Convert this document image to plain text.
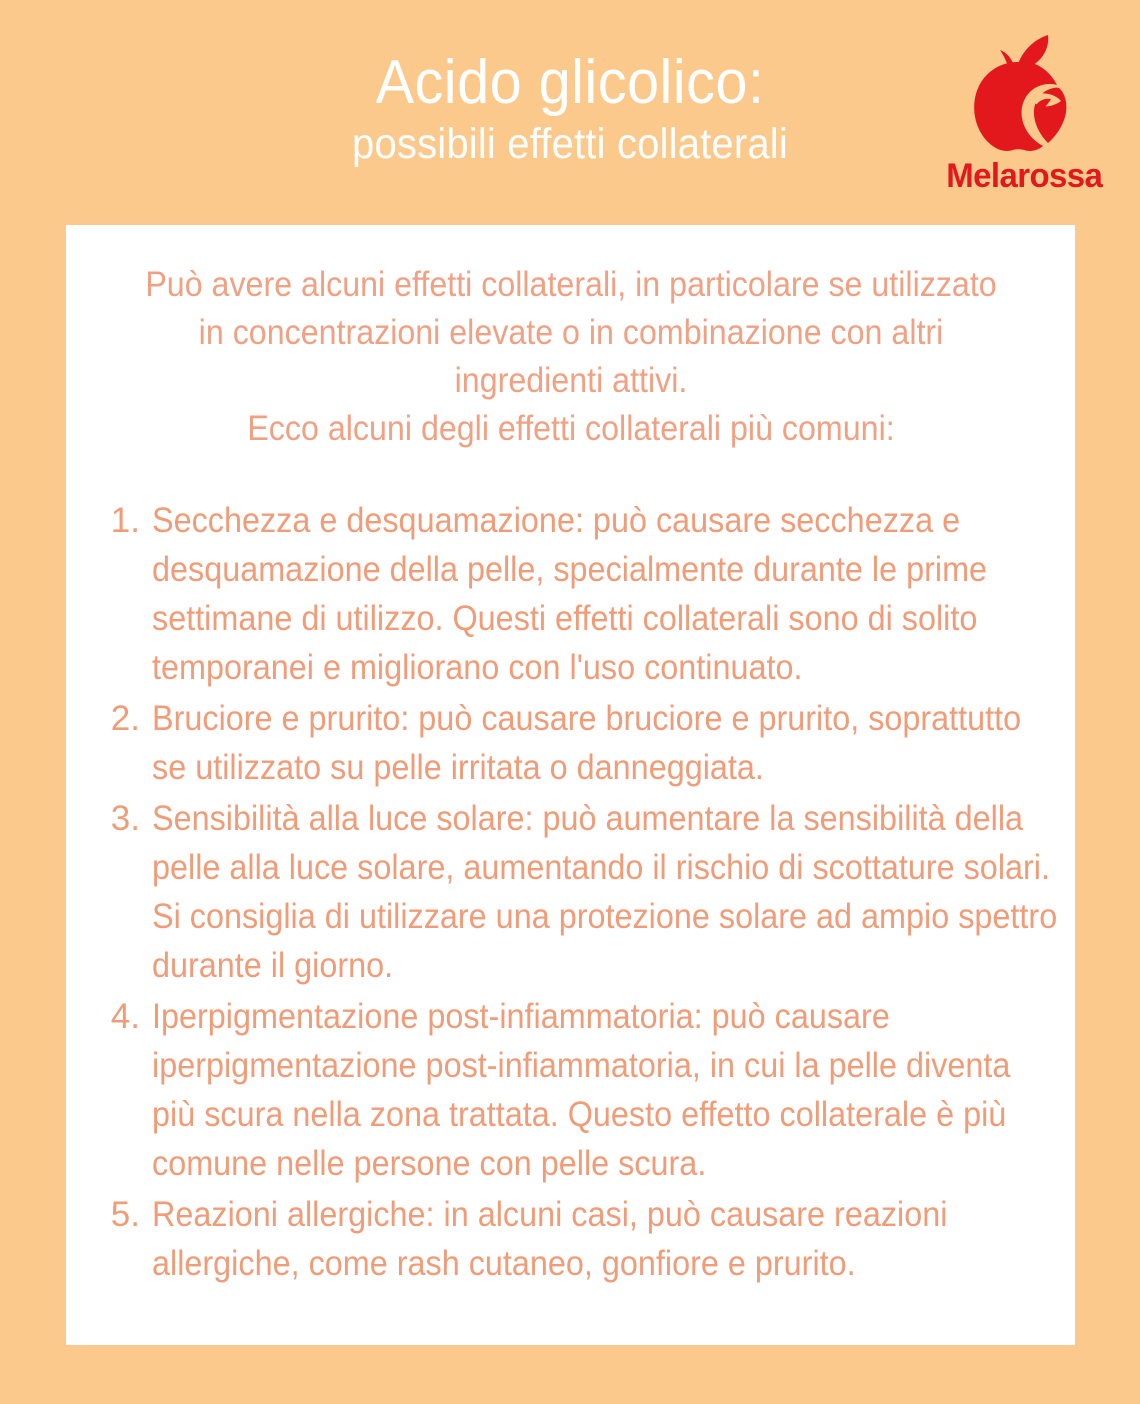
Acido glicolico:
possibili effetti collaterali
Melarossa

Può avere alcuni effetti collaterali, in particolare se utilizzato in concentrazioni elevate o in combinazione con altri ingredienti attivi.

Ecco alcuni degli effetti collaterali più comuni:

1. Secchezza e desquamazione: può causare secchezza e desquamazione della pelle, specialmente durante le prime settimane di utilizzo. Questi effetti collaterali sono di solito temporanei e migliorano con l'uso continuato.
2. Bruciore e prurito: può causare bruciore e prurito, soprattutto se utilizzato su pelle irritata o danneggiata.
3. Sensibilità alla luce solare: può aumentare la sensibilità della pelle alla luce solare, aumentando il rischio di scottature solari. Si consiglia di utilizzare una protezione solare ad ampio spettro durante il giorno.
4. Iperpigmentazione post-infiammatoria: può causare iperpigmentazione post-infiammatoria, in cui la pelle diventa più scura nella zona trattata. Questo effetto collaterale è più comune nelle persone con pelle scura.
5. Reazioni allergiche: in alcuni casi, può causare reazioni allergiche, come rash cutaneo, gonfiore e prurito.
